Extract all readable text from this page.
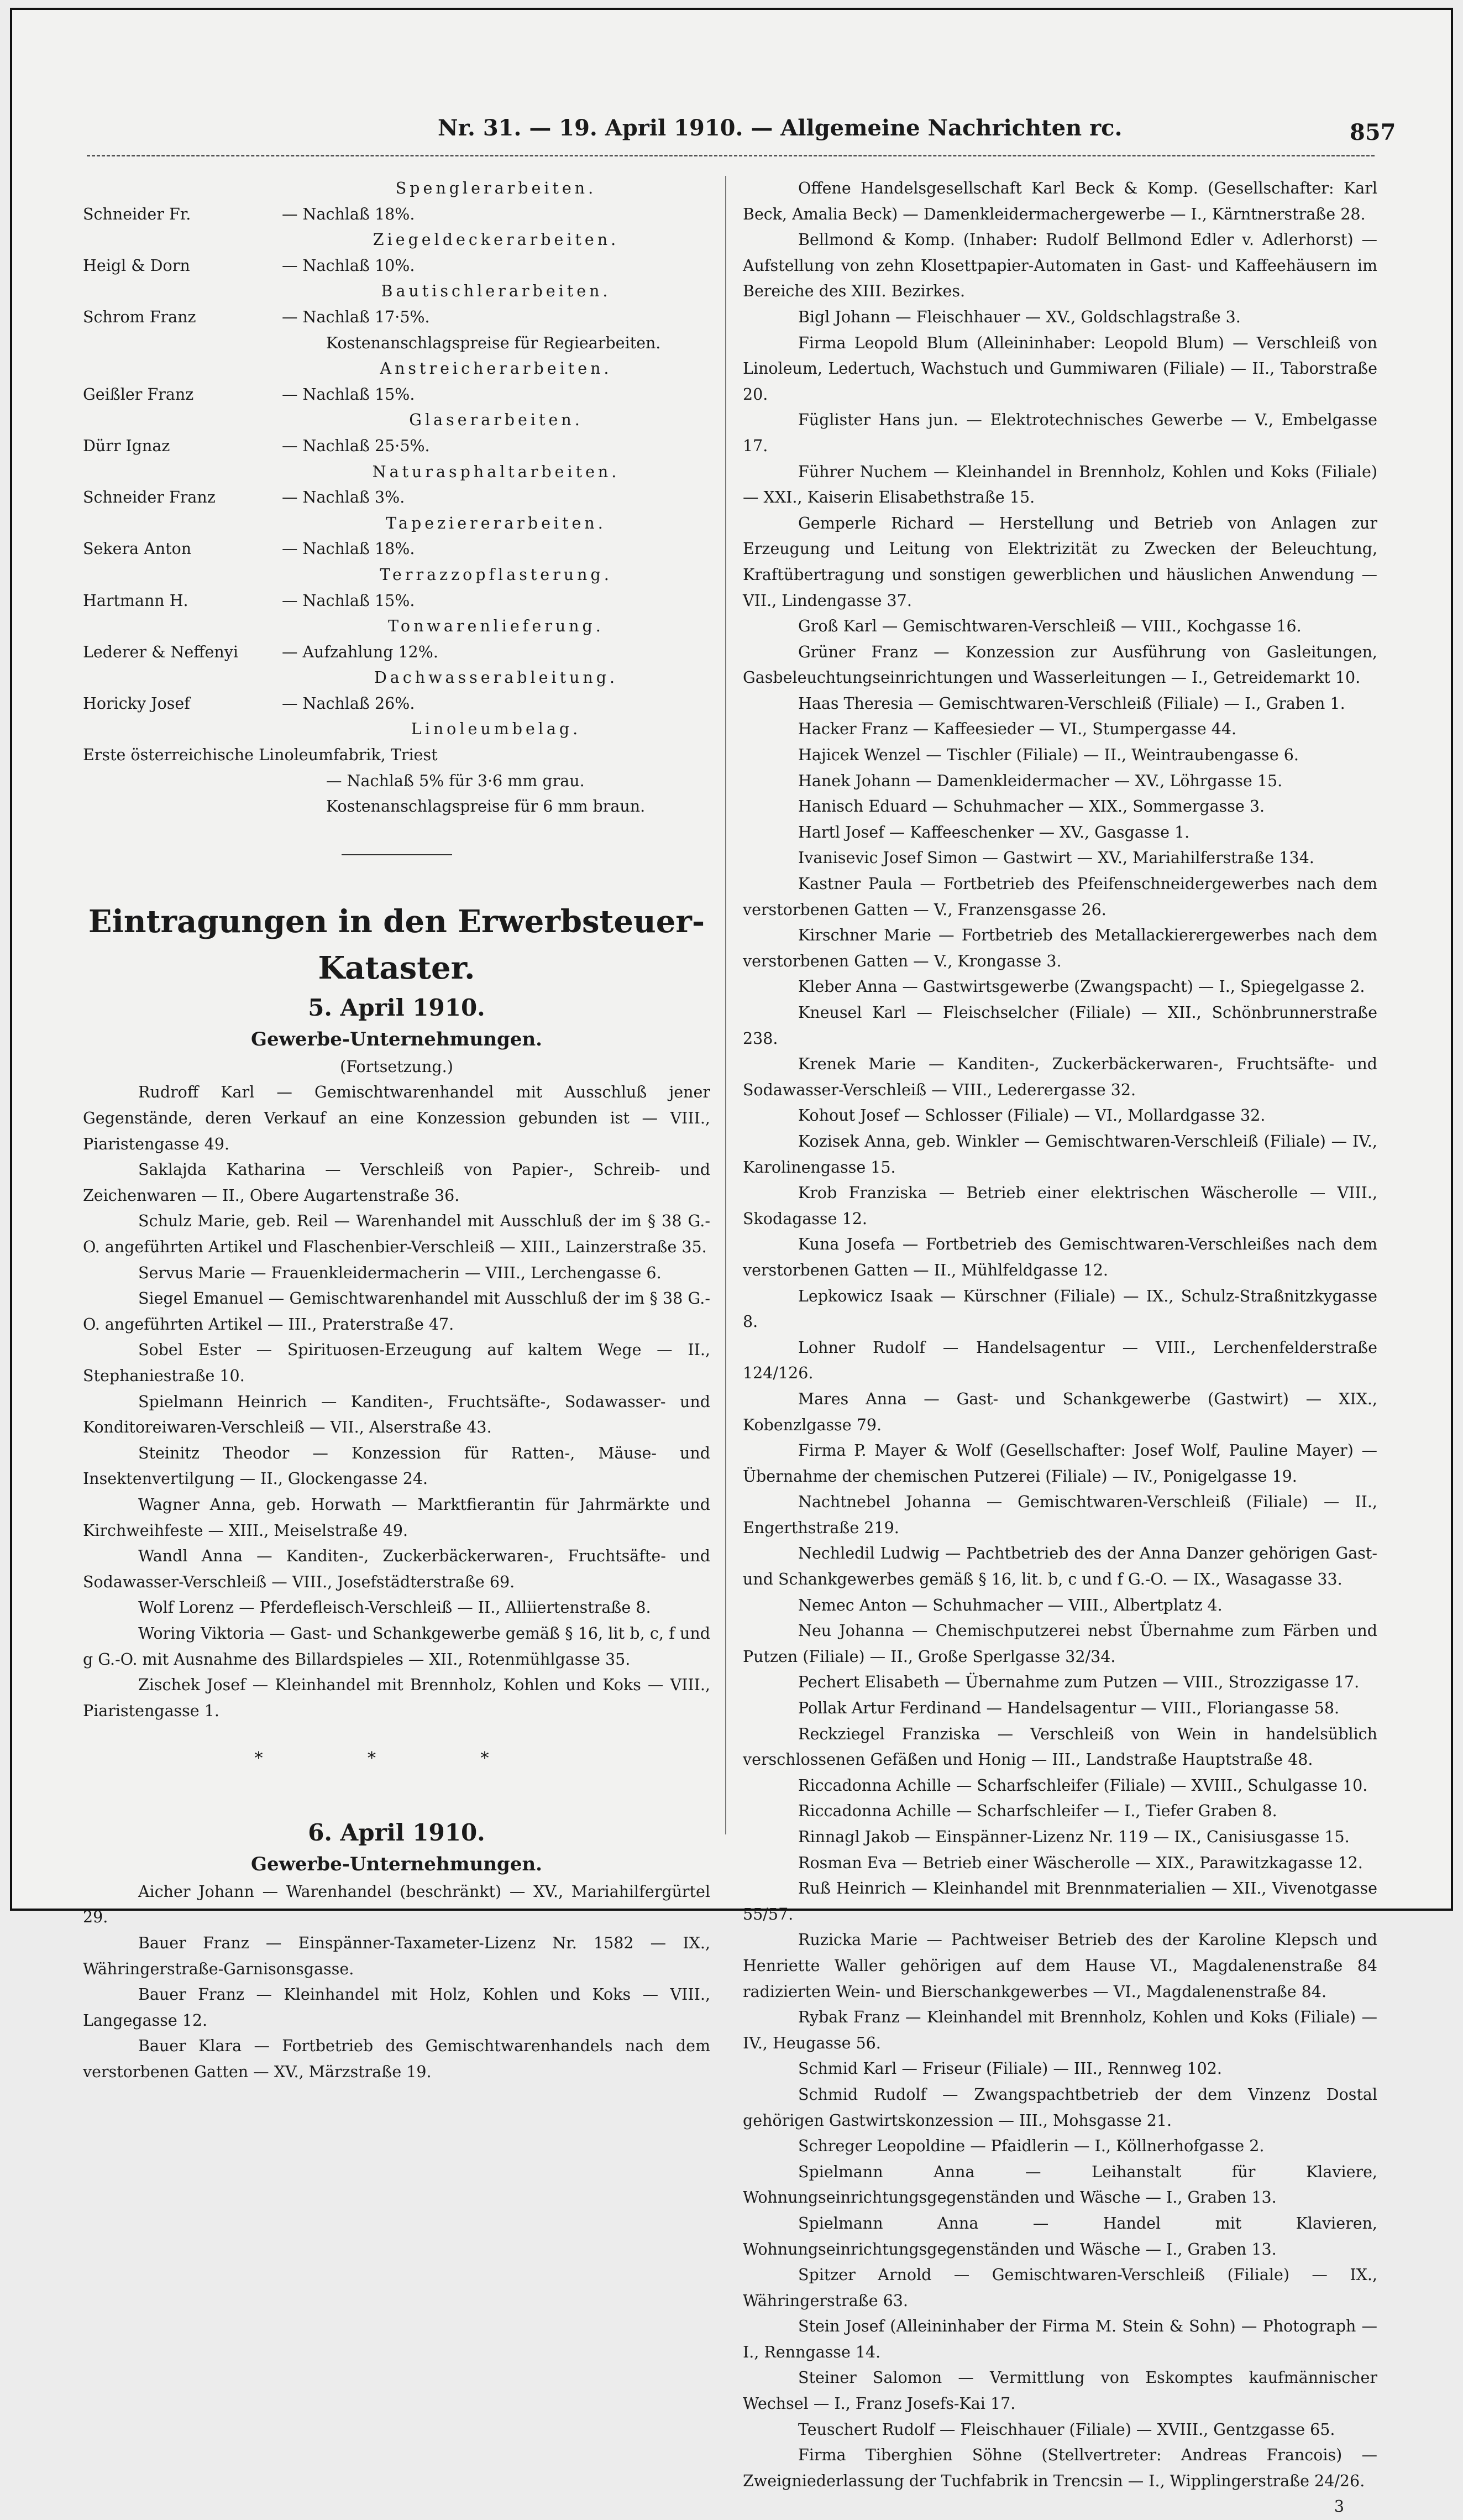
Nr. 31. — 19. April 1910. — Allgemeine Nachrichten rc.	857
Spenglerarbeiten.
Schneider Fr.	— Nachlaß 18%.
Ziegeldeckerarbeiten.
Heigl & Dorn	— Nachlaß 10%.
Bautischlerarbeiten.
Schrom Franz	— Nachlaß 17·5%.
Kostenanschlagspreise für Regiearbeiten.
Anstreicherarbeiten.
Geißler Franz	— Nachlaß 15%.
Glaserarbeiten.
Dürr Ignaz	— Nachlaß 25·5%.
Naturasphaltarbeiten.
Schneider Franz	— Nachlaß 3%.
Tapeziererarbeiten.
Sekera Anton	— Nachlaß 18%.
Terrazzopflasterung.
Hartmann H.	— Nachlaß 15%.
Tonwarenlieferung.
Lederer & Neffenyi	— Aufzahlung 12%.
Dachwasserableitung.
Horicky Josef	— Nachlaß 26%.
Linoleumbelag.
Erste österreichische Linoleumfabrik, Triest
— Nachlaß 5% für 3·6 mm grau.
Kostenanschlagspreise für 6 mm braun.
Eintragungen in den Erwerbsteuer-Kataster.
5. April 1910.
Gewerbe-Unternehmungen.
(Fortsetzung.)
Rudroff Karl — Gemischtwarenhandel mit Ausschluß jener Gegenstände, deren Verkauf an eine Konzession gebunden ist — VIII., Piaristengasse 49.
Saklajda Katharina — Verschleiß von Papier-, Schreib- und Zeichenwaren — II., Obere Augartenstraße 36.
Schulz Marie, geb. Reil — Warenhandel mit Ausschluß der im § 38 G.-O. angeführten Artikel und Flaschenbier-Verschleiß — XIII., Lainzerstraße 35.
Servus Marie — Frauenkleidermacherin — VIII., Lerchengasse 6.
Siegel Emanuel — Gemischtwarenhandel mit Ausschluß der im § 38 G.-O. angeführten Artikel — III., Praterstraße 47.
Sobel Ester — Spirituosen-Erzeugung auf kaltem Wege — II., Stephaniestraße 10.
Spielmann Heinrich — Kanditen-, Fruchtsäfte-, Sodawasser- und Konditoreiwaren-Verschleiß — VII., Alserstraße 43.
Steinitz Theodor — Konzession für Ratten-, Mäuse- und Insektenvertilgung — II., Glockengasse 24.
Wagner Anna, geb. Horwath — Marktfierantin für Jahrmärkte und Kirchweihfeste — XIII., Meiselstraße 49.
Wandl Anna — Kanditen-, Zuckerbäckerwaren-, Fruchtsäfte- und Sodawasser-Verschleiß — VIII., Josefstädterstraße 69.
Wolf Lorenz — Pferdefleisch-Verschleiß — II., Alliiertenstraße 8.
Woring Viktoria — Gast- und Schankgewerbe gemäß § 16, lit b, c, f und g G.-O. mit Ausnahme des Billardspieles — XII., Rotenmühlgasse 35.
Zischek Josef — Kleinhandel mit Brennholz, Kohlen und Koks — VIII., Piaristengasse 1.
* * *
6. April 1910.
Gewerbe-Unternehmungen.
Aicher Johann — Warenhandel (beschränkt) — XV., Mariahilfergürtel 29.
Bauer Franz — Einspänner-Taxameter-Lizenz Nr. 1582 — IX., Währingerstraße-Garnisonsgasse.
Bauer Franz — Kleinhandel mit Holz, Kohlen und Koks — VIII., Langegasse 12.
Bauer Klara — Fortbetrieb des Gemischtwarenhandels nach dem verstorbenen Gatten — XV., Märzstraße 19.
Offene Handelsgesellschaft Karl Beck & Komp. (Gesellschafter: Karl Beck, Amalia Beck) — Damenkleidermachergewerbe — I., Kärntnerstraße 28.
Bellmond & Komp. (Inhaber: Rudolf Bellmond Edler v. Adlerhorst) — Aufstellung von zehn Klosettpapier-Automaten in Gast- und Kaffeehäusern im Bereiche des XIII. Bezirkes.
Bigl Johann — Fleischhauer — XV., Goldschlagstraße 3.
Firma Leopold Blum (Alleininhaber: Leopold Blum) — Verschleiß von Linoleum, Ledertuch, Wachstuch und Gummiwaren (Filiale) — II., Taborstraße 20.
Füglister Hans jun. — Elektrotechnisches Gewerbe — V., Embelgasse 17.
Führer Nuchem — Kleinhandel in Brennholz, Kohlen und Koks (Filiale) — XXI., Kaiserin Elisabethstraße 15.
Gemperle Richard — Herstellung und Betrieb von Anlagen zur Erzeugung und Leitung von Elektrizität zu Zwecken der Beleuchtung, Kraftübertragung und sonstigen gewerblichen und häuslichen Anwendung — VII., Lindengasse 37.
Groß Karl — Gemischtwaren-Verschleiß — VIII., Kochgasse 16.
Grüner Franz — Konzession zur Ausführung von Gasleitungen, Gasbeleuchtungseinrichtungen und Wasserleitungen — I., Getreidemarkt 10.
Haas Theresia — Gemischtwaren-Verschleiß (Filiale) — I., Graben 1.
Hacker Franz — Kaffeesieder — VI., Stumpergasse 44.
Hajicek Wenzel — Tischler (Filiale) — II., Weintraubengasse 6.
Hanek Johann — Damenkleidermacher — XV., Löhrgasse 15.
Hanisch Eduard — Schuhmacher — XIX., Sommergasse 3.
Hartl Josef — Kaffeeschenker — XV., Gasgasse 1.
Ivanisevic Josef Simon — Gastwirt — XV., Mariahilferstraße 134.
Kastner Paula — Fortbetrieb des Pfeifenschneidergewerbes nach dem verstorbenen Gatten — V., Franzensgasse 26.
Kirschner Marie — Fortbetrieb des Metallackierergewerbes nach dem verstorbenen Gatten — V., Krongasse 3.
Kleber Anna — Gastwirtsgewerbe (Zwangspacht) — I., Spiegelgasse 2.
Kneusel Karl — Fleischselcher (Filiale) — XII., Schönbrunnerstraße 238.
Krenek Marie — Kanditen-, Zuckerbäckerwaren-, Fruchtsäfte- und Sodawasser-Verschleiß — VIII., Lederergasse 32.
Kohout Josef — Schlosser (Filiale) — VI., Mollardgasse 32.
Kozisek Anna, geb. Winkler — Gemischtwaren-Verschleiß (Filiale) — IV., Karolinengasse 15.
Krob Franziska — Betrieb einer elektrischen Wäscherolle — VIII., Skodagasse 12.
Kuna Josefa — Fortbetrieb des Gemischtwaren-Verschleißes nach dem verstorbenen Gatten — II., Mühlfeldgasse 12.
Lepkowicz Isaak — Kürschner (Filiale) — IX., Schulz-Straßnitzkygasse 8.
Lohner Rudolf — Handelsagentur — VIII., Lerchenfelderstraße 124/126.
Mares Anna — Gast- und Schankgewerbe (Gastwirt) — XIX., Kobenzlgasse 79.
Firma P. Mayer & Wolf (Gesellschafter: Josef Wolf, Pauline Mayer) — Übernahme der chemischen Putzerei (Filiale) — IV., Ponigelgasse 19.
Nachtnebel Johanna — Gemischtwaren-Verschleiß (Filiale) — II., Engerthstraße 219.
Nechledil Ludwig — Pachtbetrieb des der Anna Danzer gehörigen Gast- und Schankgewerbes gemäß § 16, lit. b, c und f G.-O. — IX., Wasagasse 33.
Nemec Anton — Schuhmacher — VIII., Albertplatz 4.
Neu Johanna — Chemischputzerei nebst Übernahme zum Färben und Putzen (Filiale) — II., Große Sperlgasse 32/34.
Pechert Elisabeth — Übernahme zum Putzen — VIII., Strozzigasse 17.
Pollak Artur Ferdinand — Handelsagentur — VIII., Floriangasse 58.
Reckziegel Franziska — Verschleiß von Wein in handelsüblich verschlossenen Gefäßen und Honig — III., Landstraße Hauptstraße 48.
Riccadonna Achille — Scharfschleifer (Filiale) — XVIII., Schulgasse 10.
Riccadonna Achille — Scharfschleifer — I., Tiefer Graben 8.
Rinnagl Jakob — Einspänner-Lizenz Nr. 119 — IX., Canisiusgasse 15.
Rosman Eva — Betrieb einer Wäscherolle — XIX., Parawitzkagasse 12.
Ruß Heinrich — Kleinhandel mit Brennmaterialien — XII., Vivenotgasse 55/57.
Ruzicka Marie — Pachtweiser Betrieb des der Karoline Klepsch und Henriette Waller gehörigen auf dem Hause VI., Magdalenenstraße 84 radizierten Wein- und Bierschankgewerbes — VI., Magdalenenstraße 84.
Rybak Franz — Kleinhandel mit Brennholz, Kohlen und Koks (Filiale) — IV., Heugasse 56.
Schmid Karl — Friseur (Filiale) — III., Rennweg 102.
Schmid Rudolf — Zwangspachtbetrieb der dem Vinzenz Dostal gehörigen Gastwirtskonzession — III., Mohsgasse 21.
Schreger Leopoldine — Pfaidlerin — I., Köllnerhofgasse 2.
Spielmann Anna — Leihanstalt für Klaviere, Wohnungseinrichtungsgegenständen und Wäsche — I., Graben 13.
Spielmann Anna — Handel mit Klavieren, Wohnungseinrichtungsgegenständen und Wäsche — I., Graben 13.
Spitzer Arnold — Gemischtwaren-Verschleiß (Filiale) — IX., Währingerstraße 63.
Stein Josef (Alleininhaber der Firma M. Stein & Sohn) — Photograph — I., Renngasse 14.
Steiner Salomon — Vermittlung von Eskomptes kaufmännischer Wechsel — I., Franz Josefs-Kai 17.
Teuschert Rudolf — Fleischhauer (Filiale) — XVIII., Gentzgasse 65.
Firma Tiberghien Söhne (Stellvertreter: Andreas Francois) — Zweigniederlassung der Tuchfabrik in Trencsin — I., Wipplingerstraße 24/26.
3
